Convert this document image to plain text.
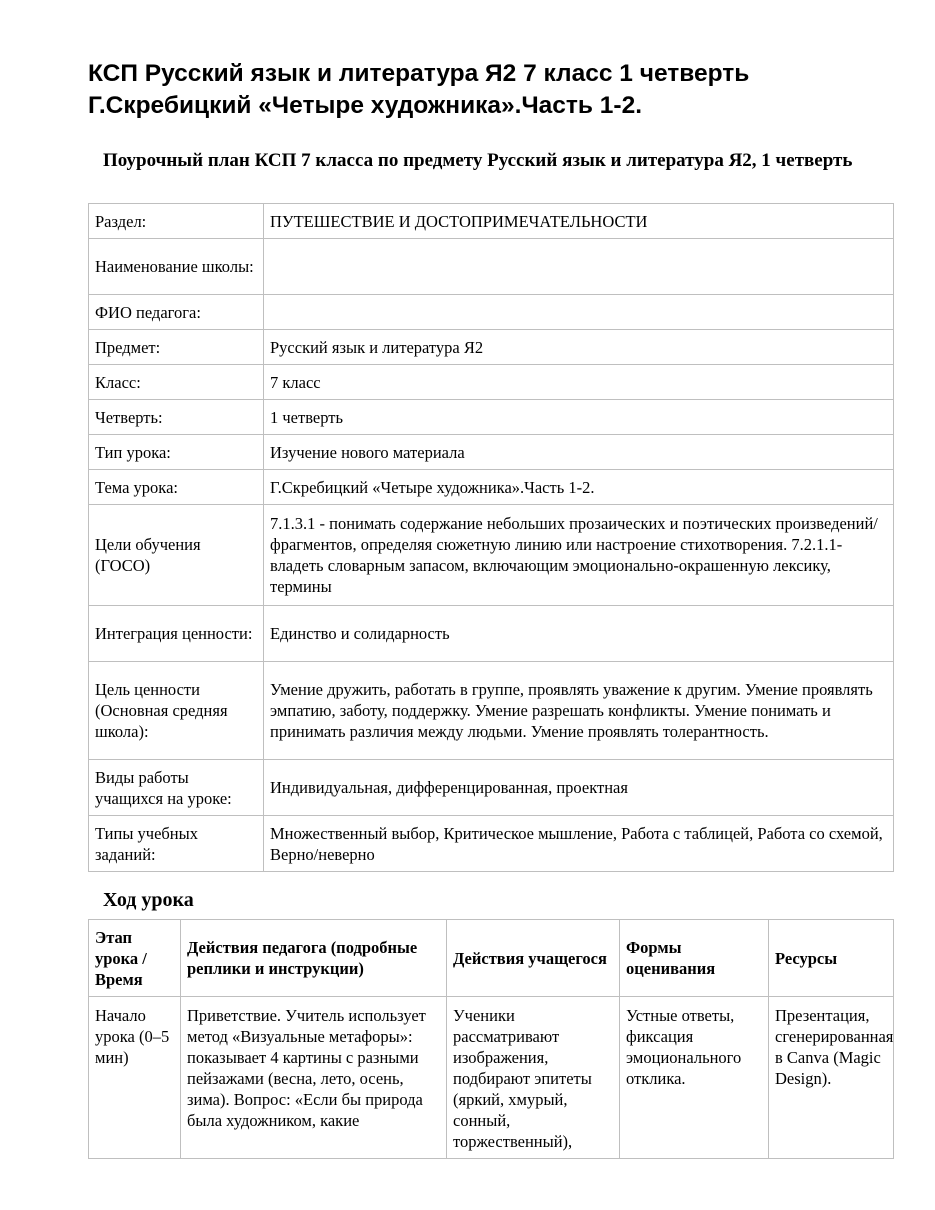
КСП Русский язык и литература Я2 7 класс 1 четверть Г.Скребицкий «Четыре художника».Часть 1-2.
Поурочный план КСП 7 класса по предмету Русский язык и литература Я2, 1 четверть
Раздел:	ПУТЕШЕСТВИЕ И ДОСТОПРИМЕЧАТЕЛЬНОСТИ
Наименование школы:	
ФИО педагога:	
Предмет:	Русский язык и литература Я2
Класс:	7 класс
Четверть:	1 четверть
Тип урока:	Изучение нового материала
Тема урока:	Г.Скребицкий «Четыре художника».Часть 1-2.
Цели обучения (ГОСО)	7.1.3.1 - понимать содержание небольших прозаических и поэтических произведений/ фрагментов, определяя сюжетную линию или настроение стихотворения. 7.2.1.1- владеть словарным запасом, включающим эмоционально-окрашенную лексику, термины
Интеграция ценности:	Единство и солидарность
Цель ценности (Основная средняя школа):	Умение дружить, работать в группе, проявлять уважение к другим. Умение проявлять эмпатию, заботу, поддержку. Умение разрешать конфликты. Умение понимать и принимать различия между людьми. Умение проявлять толерантность.
Виды работы учащихся на уроке:	Индивидуальная, дифференцированная, проектная
Типы учебных заданий:	Множественный выбор, Критическое мышление, Работа с таблицей, Работа со схемой, Верно/неверно
Ход урока
Этап урока / Время	Действия педагога (подробные реплики и инструкции)	Действия учащегося	Формы оценивания	Ресурсы
Начало урока (0–5 мин)	Приветствие. Учитель использует метод «Визуальные метафоры»: показывает 4 картины с разными пейзажами (весна, лето, осень, зима). Вопрос: «Если бы природа была художником, какие	Ученики рассматривают изображения, подбирают эпитеты (яркий, хмурый, сонный, торжественный),	Устные ответы, фиксация эмоционального отклика.	Презентация, сгенерированная в Canva (Magic Design).
